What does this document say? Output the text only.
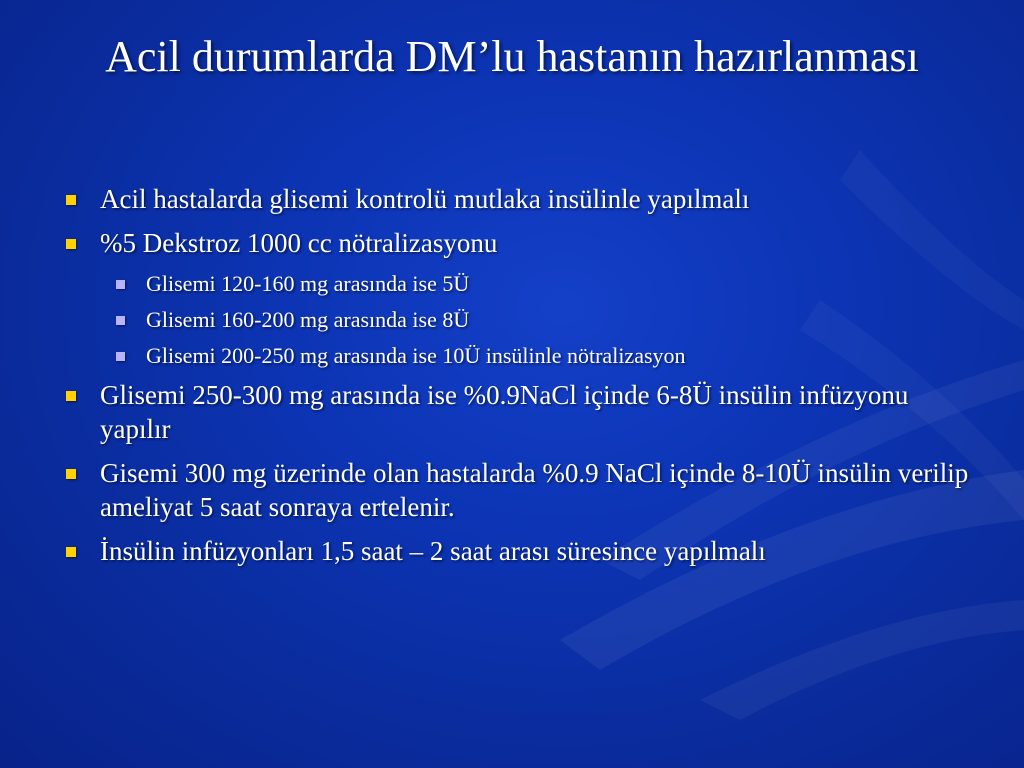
Acil durumlarda DM’lu hastanın hazırlanması
Acil hastalarda glisemi kontrolü mutlaka insülinle yapılmalı
%5 Dekstroz 1000 cc nötralizasyonu
Glisemi 120-160 mg arasında ise 5Ü
Glisemi 160-200 mg arasında ise 8Ü
Glisemi 200-250 mg arasında ise 10Ü insülinle nötralizasyon
Glisemi 250-300 mg arasında ise %0.9NaCl içinde 6-8Ü insülin infüzyonu yapılır
Gisemi 300 mg üzerinde olan hastalarda %0.9 NaCl içinde 8-10Ü insülin verilip ameliyat 5 saat sonraya ertelenir.
İnsülin infüzyonları 1,5 saat – 2 saat arası süresince yapılmalı
